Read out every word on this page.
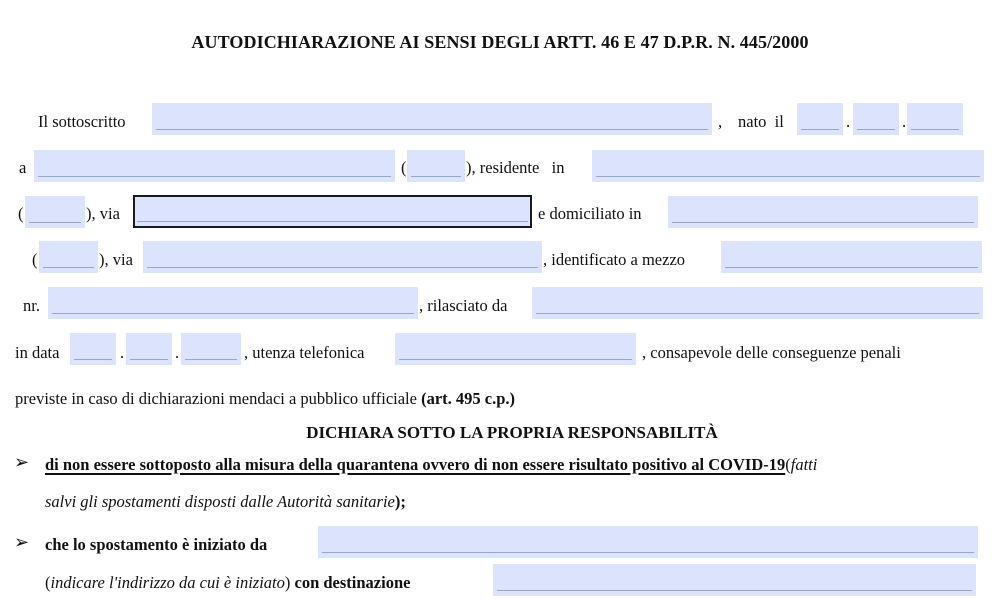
AUTODICHIARAZIONE AI SENSI DEGLI ARTT. 46 E 47 D.P.R. N. 445/2000
Il sottoscritto	, nato  il	.	.
a	(	), residente   in
(	), via	e domiciliato in
(	), via	, identificato a mezzo
nr.	, rilasciato da
in data	.	.	, utenza telefonica	, consapevole delle conseguenze penali
previste in caso di dichiarazioni mendaci a pubblico ufficiale (art. 495 c.p.)
DICHIARA SOTTO LA PROPRIA RESPONSABILITÀ
➢ di non essere sottoposto alla misura della quarantena ovvero di non essere risultato positivo al COVID-19(fatti
salvi gli spostamenti disposti dalle Autorità sanitarie);
➢ che lo spostamento è iniziato da
(indicare l'indirizzo da cui è iniziato) con destinazione
